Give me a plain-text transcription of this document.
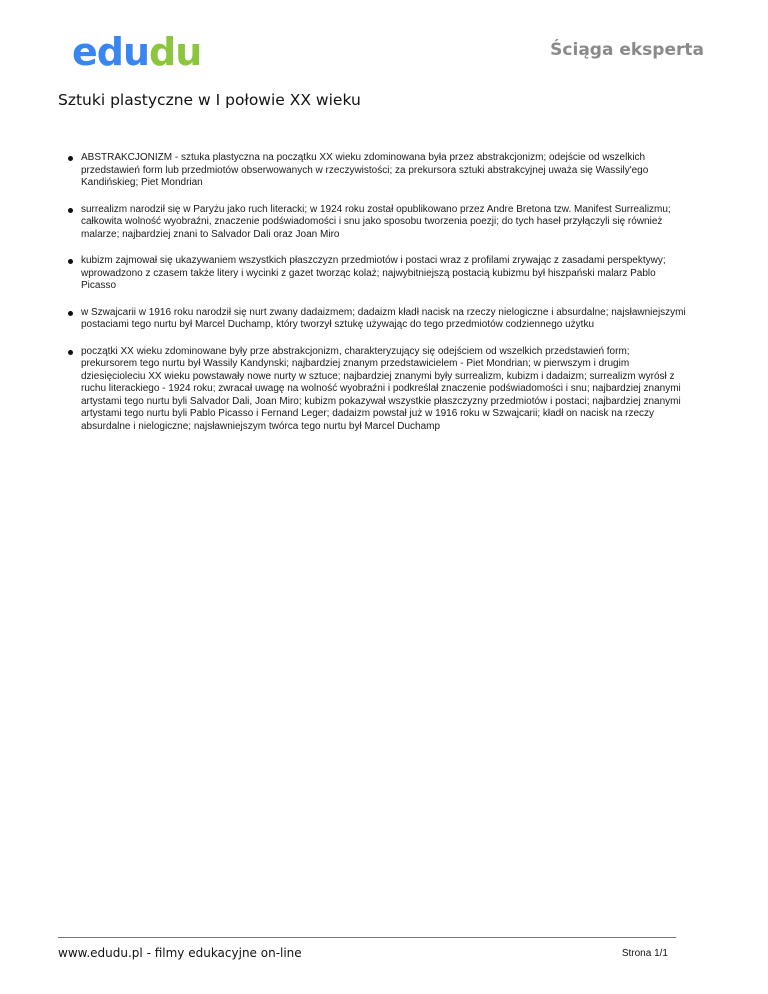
edudu	Ściąga eksperta
Sztuki plastyczne w I połowie XX wieku
ABSTRAKCJONIZM - sztuka plastyczna na początku XX wieku zdominowana była przez abstrakcjonizm; odejście od wszelkich przedstawień form lub przedmiotów obserwowanych w rzeczywistości; za prekursora sztuki abstrakcyjnej uważa się Wassily'ego Kandińskieg; Piet Mondrian
surrealizm narodził się w Paryżu jako ruch literacki; w 1924 roku został opublikowano przez Andre Bretona tzw. Manifest Surrealizmu; całkowita wolność wyobraźni, znaczenie podświadomości i snu jako sposobu tworzenia poezji; do tych haseł przyłączyli się również malarze; najbardziej znani to Salvador Dali oraz Joan Miro
kubizm zajmował się ukazywaniem wszystkich płaszczyzn przedmiotów i postaci wraz z profilami zrywając z zasadami perspektywy; wprowadzono z czasem także litery i wycinki z gazet tworząc kolaż; najwybitniejszą postacią kubizmu był hiszpański malarz Pablo Picasso
w Szwajcarii w 1916 roku narodził się nurt zwany dadaizmem; dadaizm kładł nacisk na rzeczy nielogiczne i absurdalne; najsławniejszymi postaciami tego nurtu był Marcel Duchamp, który tworzył sztukę używając do tego przedmiotów codziennego użytku
początki XX wieku zdominowane były prze abstrakcjonizm, charakteryzujący się odejściem od wszelkich przedstawień form; prekursorem tego nurtu był Wassily Kandynski; najbardziej znanym przedstawicielem - Piet Mondrian; w pierwszym i drugim dziesięcioleciu XX wieku powstawały nowe nurty w sztuce; najbardziej znanymi były surrealizm, kubizm i dadaizm; surrealizm wyrósł z ruchu literackiego - 1924 roku; zwracał uwagę na wolność wyobraźni i podkreślał znaczenie podświadomości i snu; najbardziej znanymi artystami tego nurtu byli Salvador Dali, Joan Miro; kubizm pokazywał wszystkie płaszczyzny przedmiotów i postaci; najbardziej znanymi artystami tego nurtu byli Pablo Picasso i Fernand Leger; dadaizm powstał już w 1916 roku w Szwajcarii; kładł on nacisk na rzeczy absurdalne i nielogiczne; najsławniejszym twórca tego nurtu był Marcel Duchamp
www.edudu.pl - filmy edukacyjne on-line	Strona 1/1
